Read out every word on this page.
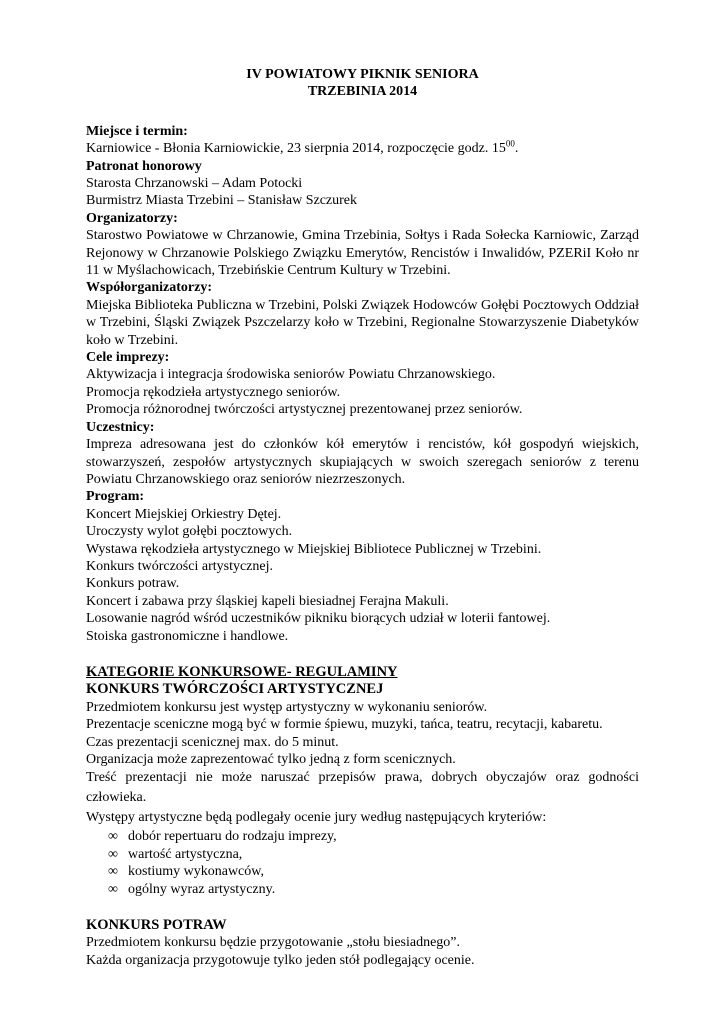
IV POWIATOWY PIKNIK SENIORA
TRZEBINIA 2014
Miejsce i termin:
Karniowice - Błonia Karniowickie, 23 sierpnia 2014, rozpoczęcie godz. $15^{00}$.
Patronat honorowy
Starosta Chrzanowski – Adam Potocki
Burmistrz Miasta Trzebini – Stanisław Szczurek
Organizatorzy:
Starostwo Powiatowe w Chrzanowie, Gmina Trzebinia, Sołtys i Rada Sołecka Karniowic, Zarząd Rejonowy w Chrzanowie Polskiego Związku Emerytów, Rencistów i Inwalidów, PZERiI Koło nr 11 w Myślachowicach, Trzebińskie Centrum Kultury w Trzebini.
Współorganizatorzy:
Miejska Biblioteka Publiczna w Trzebini, Polski Związek Hodowców Gołębi Pocztowych Oddział w Trzebini, Śląski Związek Pszczelarzy koło w Trzebini, Regionalne Stowarzyszenie Diabetyków koło w Trzebini.
Cele imprezy:
Aktywizacja i integracja środowiska seniorów Powiatu Chrzanowskiego.
Promocja rękodzieła artystycznego seniorów.
Promocja różnorodnej twórczości artystycznej prezentowanej przez seniorów.
Uczestnicy:
Impreza adresowana jest do członków kół emerytów i rencistów, kół gospodyń wiejskich, stowarzyszeń, zespołów artystycznych skupiających w swoich szeregach seniorów z terenu Powiatu Chrzanowskiego oraz seniorów niezrzeszonych.
Program:
Koncert Miejskiej Orkiestry Dętej.
Uroczysty wylot gołębi pocztowych.
Wystawa rękodzieła artystycznego w Miejskiej Bibliotece Publicznej w Trzebini.
Konkurs twórczości artystycznej.
Konkurs potraw.
Koncert i zabawa przy śląskiej kapeli biesiadnej Ferajna Makuli.
Losowanie nagród wśród uczestników pikniku biorących udział w loterii fantowej.
Stoiska gastronomiczne i handlowe.
KATEGORIE KONKURSOWE- REGULAMINY
KONKURS TWÓRCZOŚCI ARTYSTYCZNEJ
Przedmiotem konkursu jest występ artystyczny w wykonaniu seniorów.
Prezentacje sceniczne mogą być w formie śpiewu, muzyki, tańca, teatru, recytacji, kabaretu.
Czas prezentacji scenicznej max. do 5 minut.
Organizacja może zaprezentować tylko jedną z form scenicznych.
Treść prezentacji nie może naruszać przepisów prawa, dobrych obyczajów oraz godności człowieka.
Występy artystyczne będą podlegały ocenie jury według następujących kryteriów:
∞ dobór repertuaru do rodzaju imprezy,
∞ wartość artystyczna,
∞ kostiumy wykonawców,
∞ ogólny wyraz artystyczny.
KONKURS POTRAW
Przedmiotem konkursu będzie przygotowanie „stołu biesiadnego”.
Każda organizacja przygotowuje tylko jeden stół podlegający ocenie.
